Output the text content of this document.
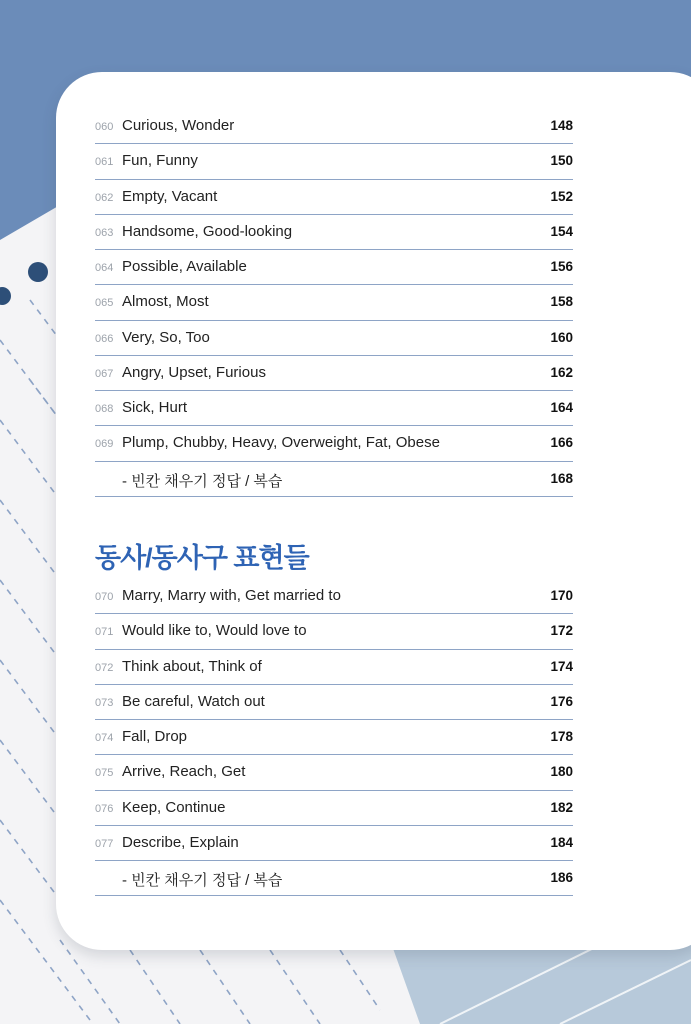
060 Curious, Wonder	148
061 Fun, Funny	150
062 Empty, Vacant	152
063 Handsome, Good-looking	154
064 Possible, Available	156
065 Almost, Most	158
066 Very, So, Too	160
067 Angry, Upset, Furious	162
068 Sick, Hurt	164
069 Plump, Chubby, Heavy, Overweight, Fat, Obese	166
- 빈칸 채우기 정답 / 복습	168
동사/동사구 표현들
070 Marry, Marry with, Get married to	170
071 Would like to, Would love to	172
072 Think about, Think of	174
073 Be careful, Watch out	176
074 Fall, Drop	178
075 Arrive, Reach, Get	180
076 Keep, Continue	182
077 Describe, Explain	184
- 빈칸 채우기 정답 / 복습	186
